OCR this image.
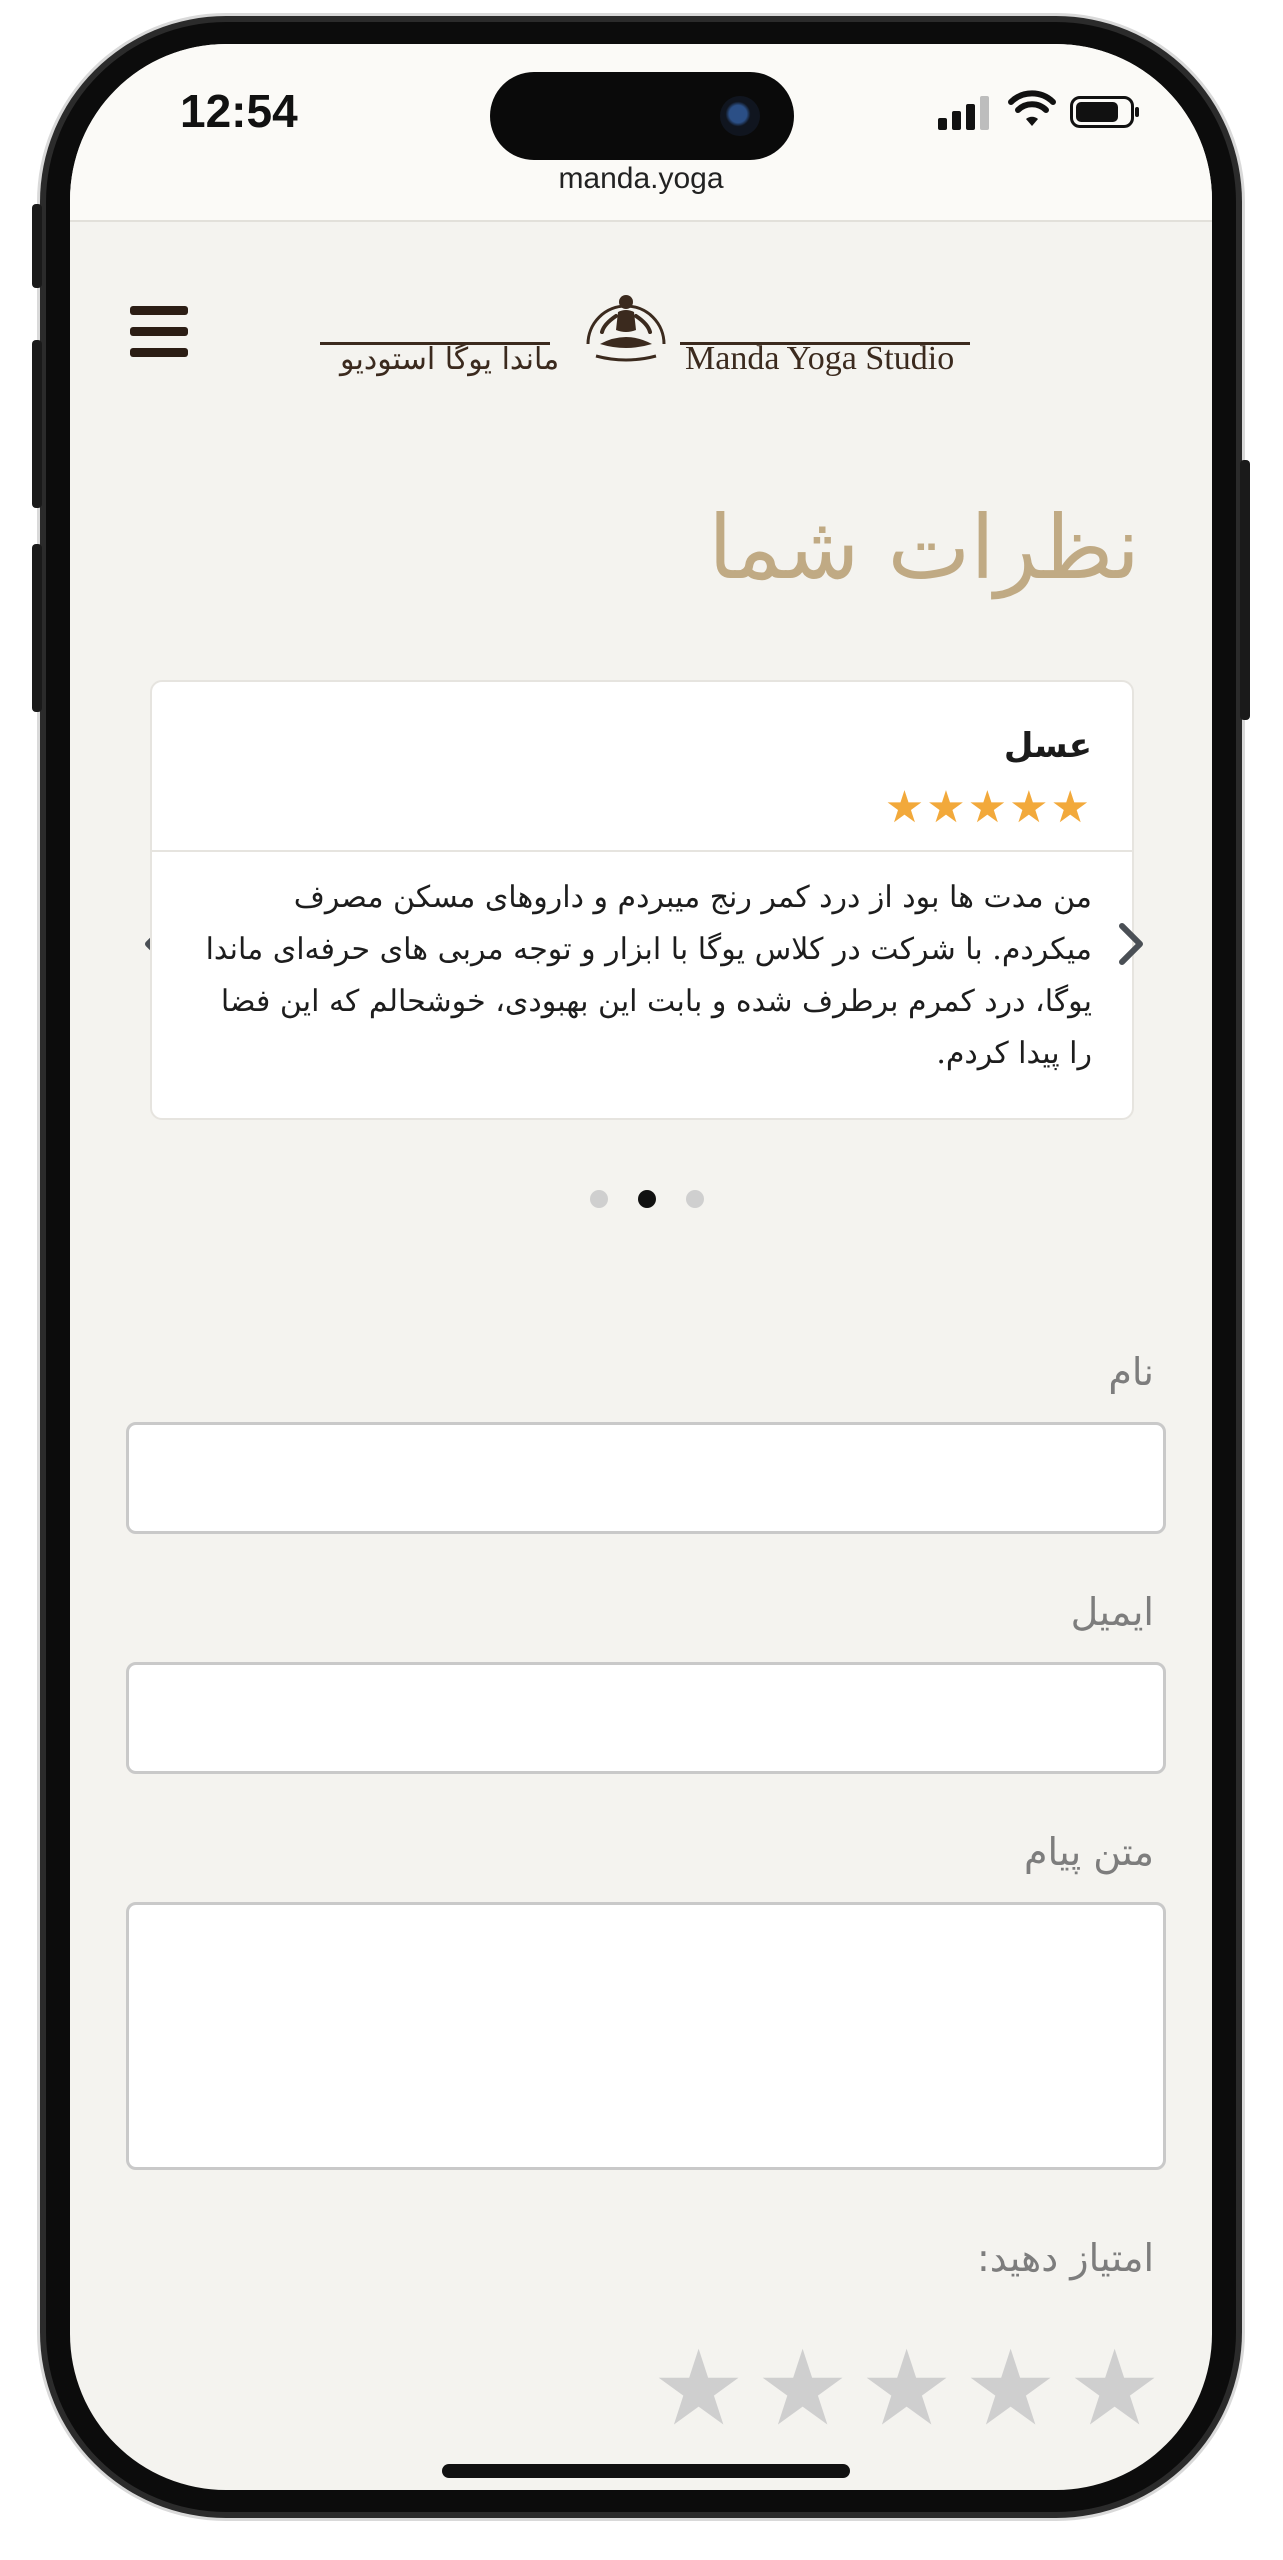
12:54
manda.yoga
ماندا یوگا استودیو	Manda Yoga Studio
نظرات شما
عسل
★★★★★
من مدت ها بود از درد کمر رنج میبردم و داروهای مسکن مصرف میکردم. با شرکت در کلاس یوگا با ابزار و توجه مربی های حرفه‌ای ماندا یوگا، درد کمرم برطرف شده و بابت این بهبودی، خوشحالم که این فضا را پیدا کردم.
نام
ایمیل
متن پیام
امتیاز دهید:
★ ★ ★ ★ ★
